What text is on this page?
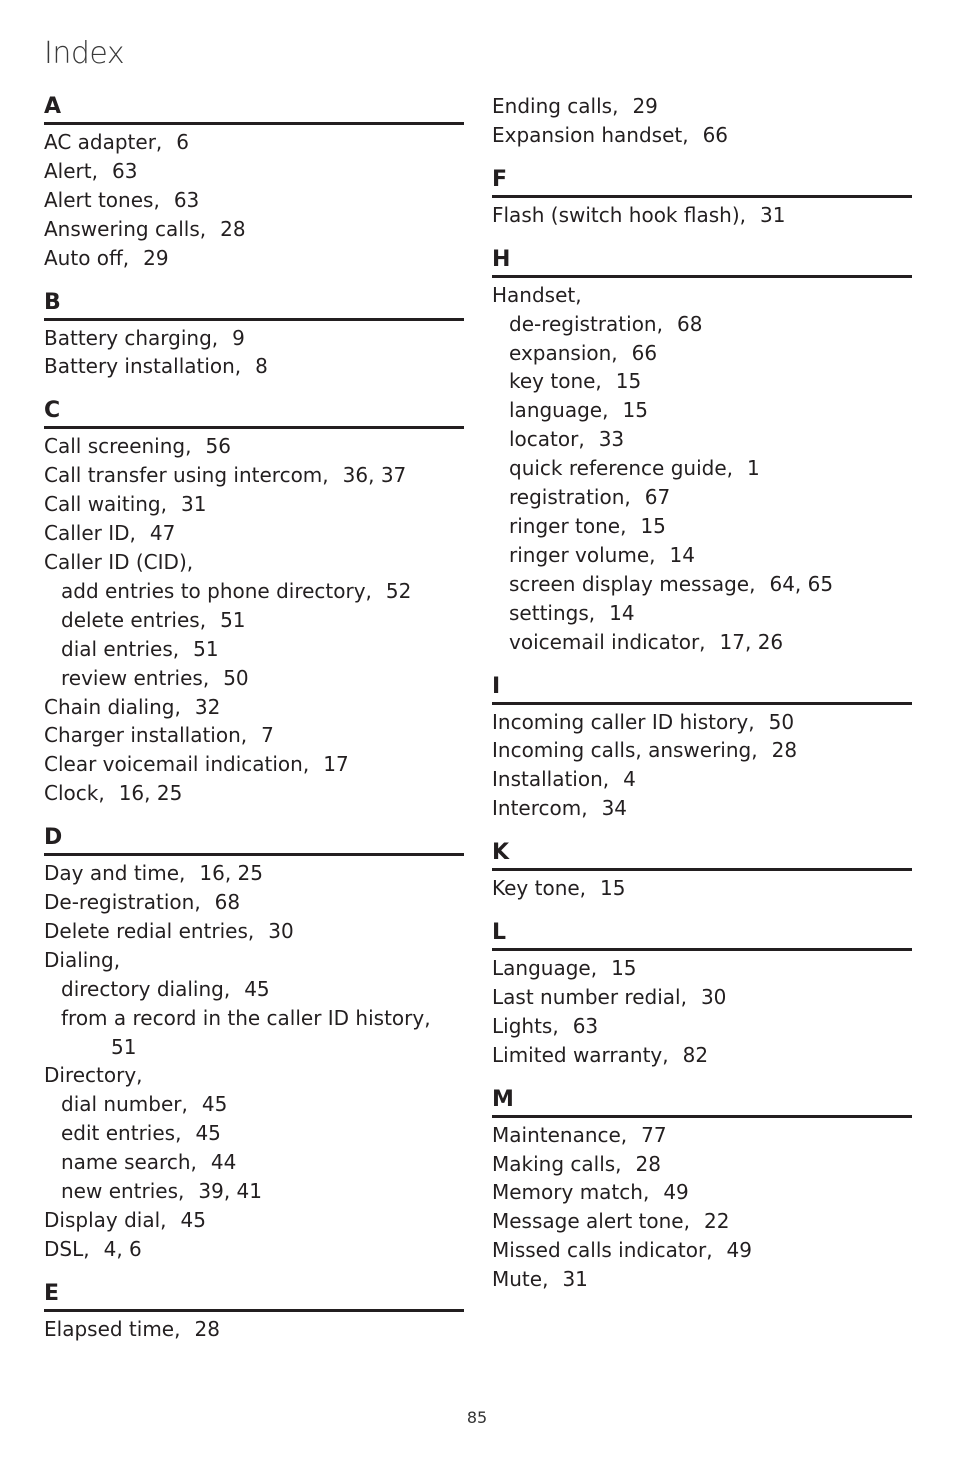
Index
A
AC adapter, 6
Alert, 63
Alert tones, 63
Answering calls, 28
Auto off, 29
B
Battery charging, 9
Battery installation, 8
C
Call screening, 56
Call transfer using intercom, 36, 37
Call waiting, 31
Caller ID, 47
Caller ID (CID),
add entries to phone directory, 52
delete entries, 51
dial entries, 51
review entries, 50
Chain dialing, 32
Charger installation, 7
Clear voicemail indication, 17
Clock, 16, 25
D
Day and time, 16, 25
De-registration, 68
Delete redial entries, 30
Dialing,
directory dialing, 45
from a record in the caller ID history,
51
Directory,
dial number, 45
edit entries, 45
name search, 44
new entries, 39, 41
Display dial, 45
DSL, 4, 6
E
Elapsed time, 28
Ending calls, 29
Expansion handset, 66
F
Flash (switch hook flash), 31
H
Handset,
de-registration, 68
expansion, 66
key tone, 15
language, 15
locator, 33
quick reference guide, 1
registration, 67
ringer tone, 15
ringer volume, 14
screen display message, 64, 65
settings, 14
voicemail indicator, 17, 26
I
Incoming caller ID history, 50
Incoming calls, answering, 28
Installation, 4
Intercom, 34
K
Key tone, 15
L
Language, 15
Last number redial, 30
Lights, 63
Limited warranty, 82
M
Maintenance, 77
Making calls, 28
Memory match, 49
Message alert tone, 22
Missed calls indicator, 49
Mute, 31
85
